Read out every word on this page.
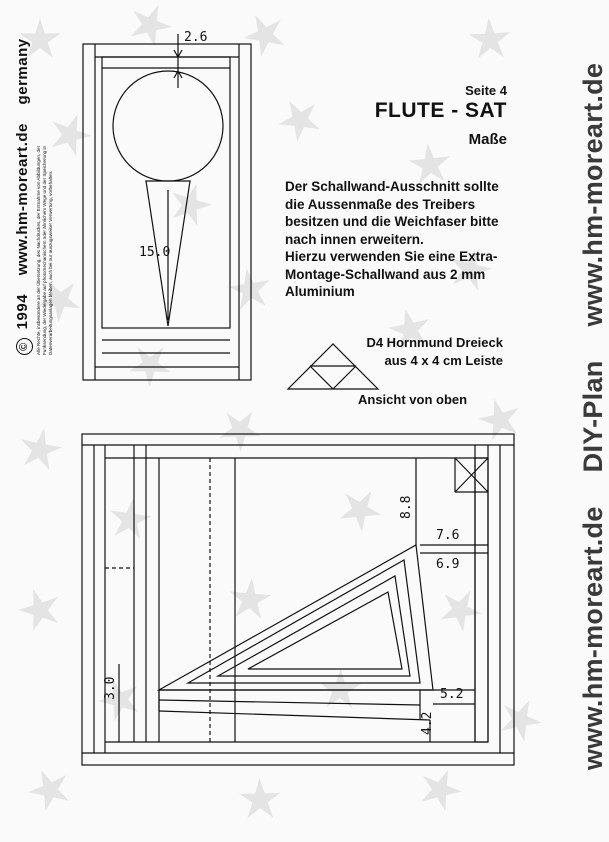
© 1994    www.hm-moreart.de    germany
Alle Rechte, insbesondere an der Übersetzung, des Nachdruckes, der Entnahme von Abbildungen, der Funksendung, der Wiedergabe auf photomechanischem oder ähnlichem Wege und der Speicherung in Datenverarbeitungsanlagen bleiben, auch bei nur auszugsweiser Verwertung, vorbehalten.
www.hm-moreart.deDIY-Planwww.hm-moreart.de
Seite 4
FLUTE - SAT
Maße
Der Schallwand-Ausschnitt sollte
die Aussenmaße des Treibers
besitzen und die Weichfaser bitte
nach innen erweitern.
Hierzu verwenden Sie eine Extra-
Montage-Schallwand aus 2 mm
Aluminium
D4 Hornmund Dreieck
aus 4 x 4 cm Leiste
Ansicht von oben
2.6
15.0
8.8
7.6
6.9
5.2
3.0
4.2
